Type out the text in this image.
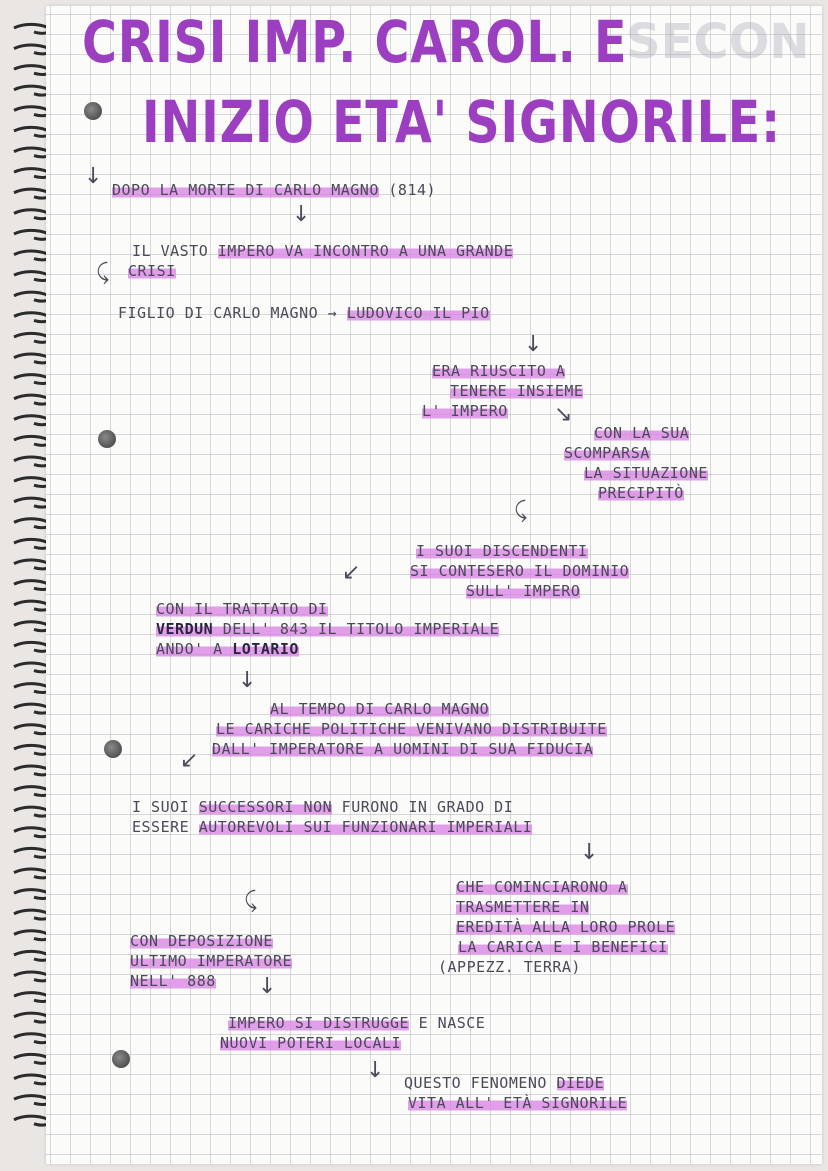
SECON
CRISI IMP. CAROL. E
INIZIO ETA' SIGNORILE:
↓
DOPO LA MORTE DI CARLO MAGNO (814)
↓
IL VASTO IMPERO VA INCONTRO A UNA GRANDE
CRISI
⤹
FIGLIO DI CARLO MAGNO → LUDOVICO IL PIO
↓
ERA RIUSCITO A
TENERE INSIEME
L' IMPERO ↘
CON LA SUA
SCOMPARSA
LA SITUAZIONE
PRECIPITÒ
⤹
I SUOI DISCENDENTI
SI CONTESERO IL DOMINIO
SULL' IMPERO
↙
CON IL TRATTATO DI
VERDUN DELL' 843 IL TITOLO IMPERIALE
ANDO' A LOTARIO
↓
AL TEMPO DI CARLO MAGNO
LE CARICHE POLITICHE VENIVANO DISTRIBUITE
DALL' IMPERATORE A UOMINI DI SUA FIDUCIA
↙
I SUOI SUCCESSORI NON FURONO IN GRADO DI
ESSERE AUTOREVOLI SUI FUNZIONARI IMPERIALI
↓
⤹
CHE COMINCIARONO A
TRASMETTERE IN
EREDITÀ ALLA LORO PROLE
LA CARICA E I BENEFICI
(APPEZZ. TERRA)
CON DEPOSIZIONE
ULTIMO IMPERATORE
NELL' 888 ↓
IMPERO SI DISTRUGGE E NASCE
NUOVI POTERI LOCALI
↓ QUESTO FENOMENO DIEDE
VITA ALL' ETÀ SIGNORILE
